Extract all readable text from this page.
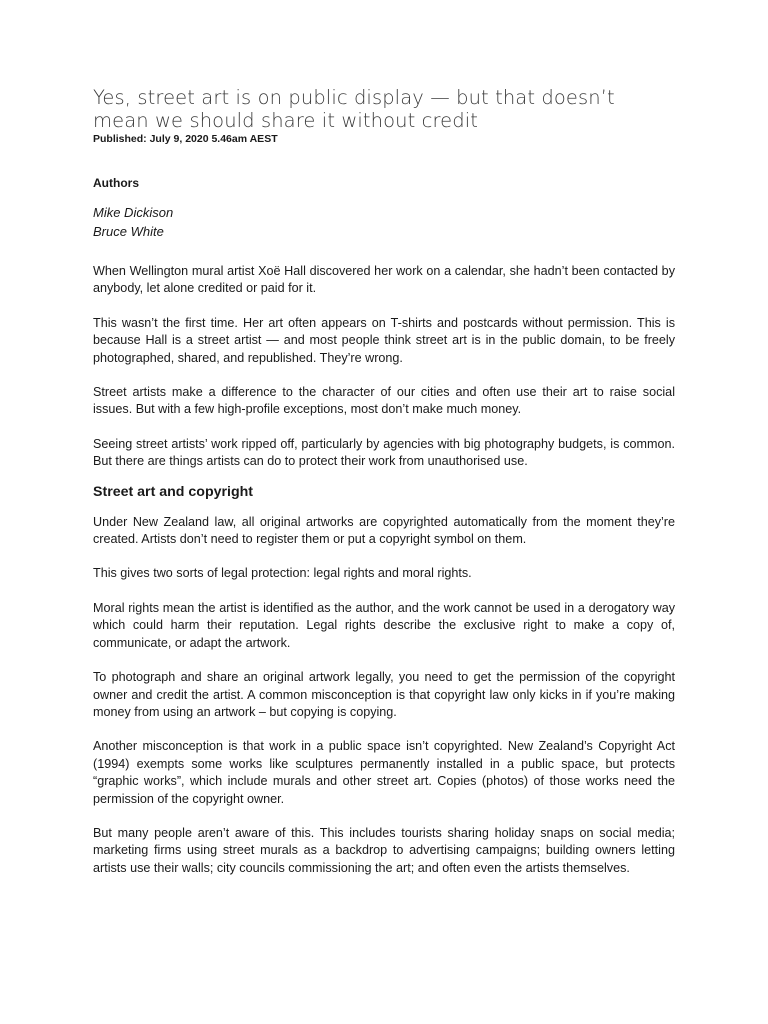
Yes, street art is on public display — but that doesn’t mean we should share it without credit
Published: July 9, 2020 5.46am AEST
Authors
Mike Dickison
Bruce White

When Wellington mural artist Xoë Hall discovered her work on a calendar, she hadn’t been contacted by anybody, let alone credited or paid for it.

This wasn’t the first time. Her art often appears on T-shirts and postcards without permission. This is because Hall is a street artist — and most people think street art is in the public domain, to be freely photographed, shared, and republished. They’re wrong.

Street artists make a difference to the character of our cities and often use their art to raise social issues. But with a few high-profile exceptions, most don’t make much money.

Seeing street artists’ work ripped off, particularly by agencies with big photography budgets, is common. But there are things artists can do to protect their work from unauthorised use.

Street art and copyright

Under New Zealand law, all original artworks are copyrighted automatically from the moment they’re created. Artists don’t need to register them or put a copyright symbol on them.

This gives two sorts of legal protection: legal rights and moral rights.

Moral rights mean the artist is identified as the author, and the work cannot be used in a derogatory way which could harm their reputation. Legal rights describe the exclusive right to make a copy of, communicate, or adapt the artwork.

To photograph and share an original artwork legally, you need to get the permission of the copyright owner and credit the artist. A common misconception is that copyright law only kicks in if you’re making money from using an artwork – but copying is copying.

Another misconception is that work in a public space isn’t copyrighted. New Zealand’s Copyright Act (1994) exempts some works like sculptures permanently installed in a public space, but protects “graphic works”, which include murals and other street art. Copies (photos) of those works need the permission of the copyright owner.

But many people aren’t aware of this. This includes tourists sharing holiday snaps on social media; marketing firms using street murals as a backdrop to advertising campaigns; building owners letting artists use their walls; city councils commissioning the art; and often even the artists themselves.
